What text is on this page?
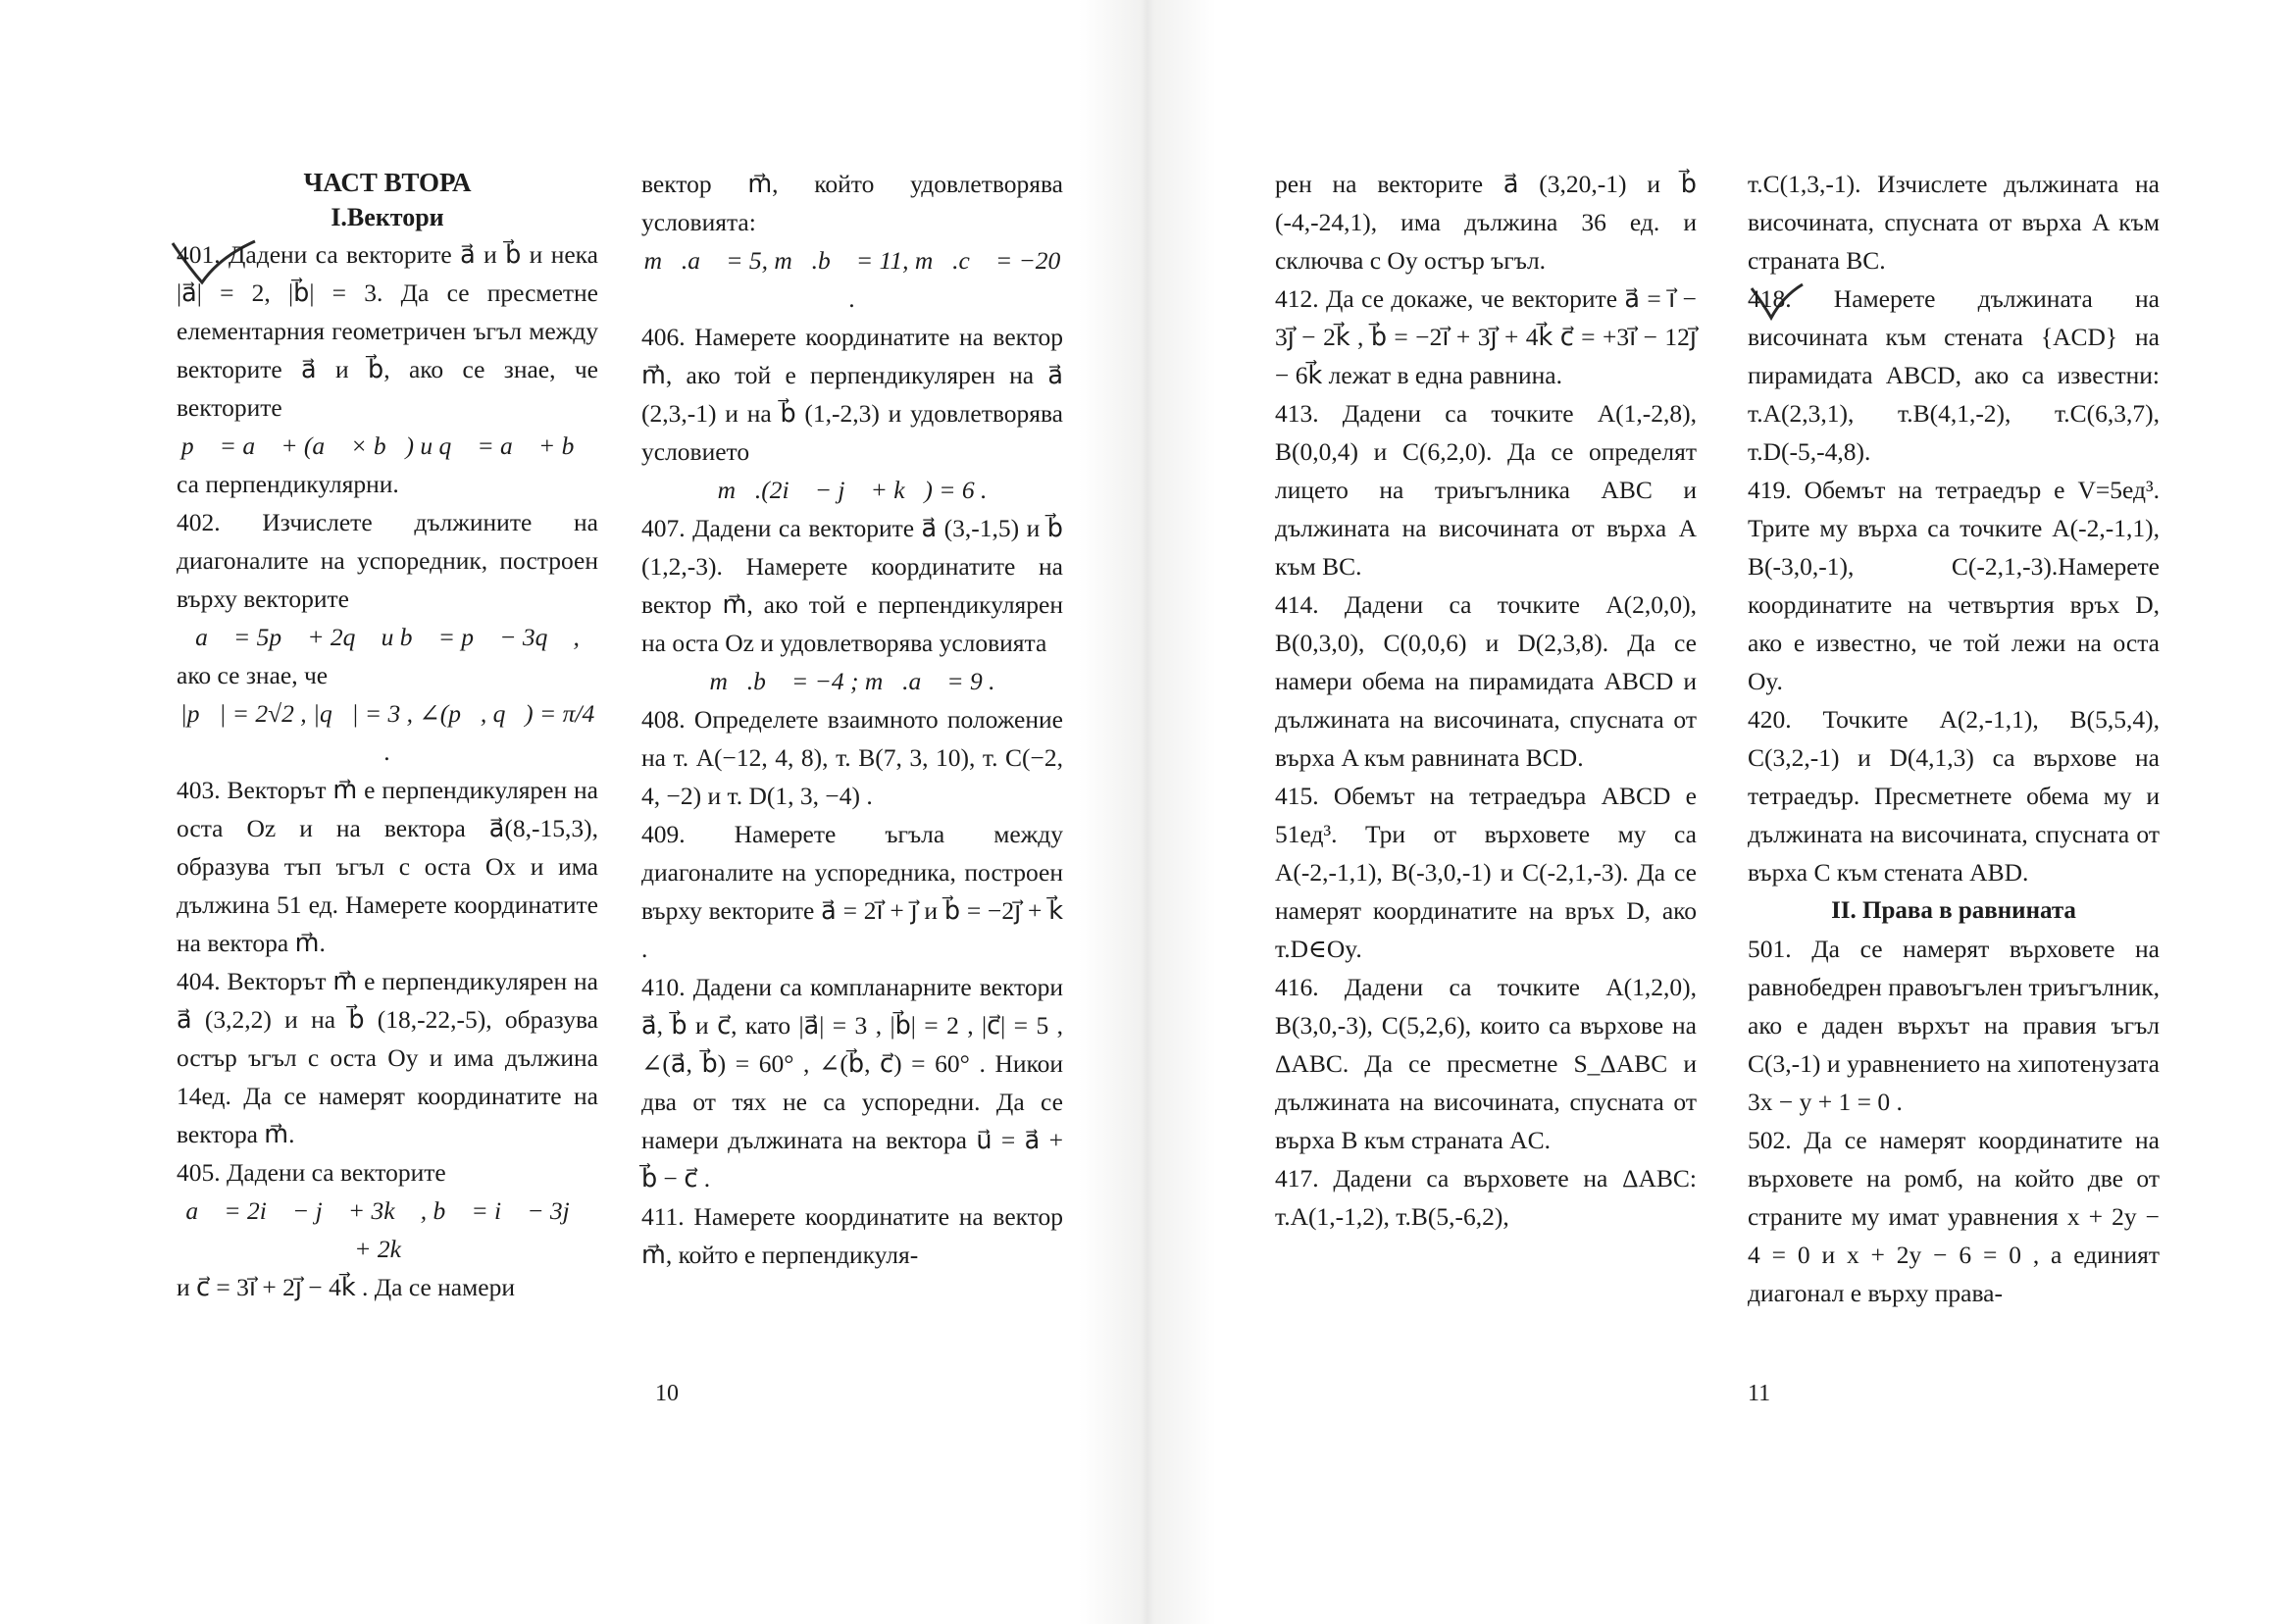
ЧАСТ ВТОРА

I.Вектори

401. Дадени са векторите a⃗ и b⃗ и нека |a⃗| = 2, |b⃗| = 3. Да се пресметне елементарния геометричен ъгъл между векторите a⃗ и b⃗, ако се знае, че векторите

p⃗ = a⃗ + (a⃗ × b⃗) и q⃗ = a⃗ + b⃗

са перпендикулярни.

402. Изчислете дължините на диагоналите на успоредник, построен върху векторите

a⃗ = 5p⃗ + 2q⃗ и b⃗ = p⃗ − 3q⃗ ,

ако се знае, че

|p⃗| = 2√2 , |q⃗| = 3 , ∠(p⃗, q⃗) = π/4 .

403. Векторът m⃗ е перпендикулярен на оста Oz и на вектора a⃗(8,-15,3), образува тъп ъгъл с оста Ox и има дължина 51 ед. Намерете координатите на вектора m⃗.

404. Векторът m⃗ е перпендикулярен на a⃗ (3,2,2) и на b⃗ (18,-22,-5), образува остър ъгъл с оста Oy и има дължина 14ед. Да се намерят координатите на вектора m⃗.

405. Дадени са векторите

a⃗ = 2i⃗ − j⃗ + 3k⃗ , b⃗ = i⃗ − 3j⃗ + 2k⃗

и c⃗ = 3i⃗ + 2j⃗ − 4k⃗ . Да се намери

вектор m⃗, който удовлетворява условията:

m⃗.a⃗ = 5, m⃗.b⃗ = 11, m⃗.c⃗ = −20 .

406. Намерете координатите на вектор m⃗, ако той е перпендикулярен на a⃗ (2,3,-1) и на b⃗ (1,-2,3) и удовлетворява условието

m⃗.(2i⃗ − j⃗ + k⃗) = 6 .

407. Дадени са векторите a⃗ (3,-1,5) и b⃗ (1,2,-3). Намерете координатите на вектор m⃗, ако той е перпендикулярен на оста Oz и удовлетворява условията

m⃗.b⃗ = −4 ; m⃗.a⃗ = 9 .

408. Определете взаимното положение на т. A(−12, 4, 8), т. B(7, 3, 10), т. C(−2, 4, −2) и т. D(1, 3, −4) .

409. Намерете ъгъла между диагоналите на успоредника, построен върху векторите a⃗ = 2i⃗ + j⃗ и b⃗ = −2j⃗ + k⃗ .

410. Дадени са компланарните вектори a⃗, b⃗ и c⃗, като |a⃗| = 3 , |b⃗| = 2 , |c⃗| = 5 , ∠(a⃗, b⃗) = 60° , ∠(b⃗, c⃗) = 60° . Никои два от тях не са успоредни. Да се намери дължината на вектора u⃗ = a⃗ + b⃗ − c⃗ .

411. Намерете координатите на вектор m⃗, който е перпендикуля-

10

рен на векторите a⃗ (3,20,-1) и b⃗ (-4,-24,1), има дължина 36 ед. и сключва с Oy остър ъгъл.

412. Да се докаже, че векторите a⃗ = i⃗ − 3j⃗ − 2k⃗ , b⃗ = −2i⃗ + 3j⃗ + 4k⃗ c⃗ = +3i⃗ − 12j⃗ − 6k⃗ лежат в една равнина.

413. Дадени са точките A(1,-2,8), B(0,0,4) и C(6,2,0). Да се определят лицето на триъгълника ABC и дължината на височината от върха A към BC.

414. Дадени са точките A(2,0,0), B(0,3,0), C(0,0,6) и D(2,3,8). Да се намери обема на пирамидата ABCD и дължината на височината, спусната от върха A към равнината BCD.

415. Обемът на тетраедъра ABCD е 51ед³. Три от върховете му са A(-2,-1,1), B(-3,0,-1) и C(-2,1,-3). Да се намерят координатите на връх D, ако т.D∈Oy.

416. Дадени са точките A(1,2,0), B(3,0,-3), C(5,2,6), които са върхове на ΔABC. Да се пресметне S_ΔABC и дължината на височината, спусната от върха B към страната AC.

417. Дадени са върховете на ΔABC: т.A(1,-1,2), т.B(5,-6,2),

т.C(1,3,-1). Изчислете дължината на височината, спусната от върха A към страната BC.

418. Намерете дължината на височината към стената {ACD} на пирамидата ABCD, ако са известни: т.A(2,3,1), т.B(4,1,-2), т.C(6,3,7), т.D(-5,-4,8).

419. Обемът на тетраедър е V=5ед³. Трите му върха са точките A(-2,-1,1), B(-3,0,-1), C(-2,1,-3).Намерете координатите на четвъртия връх D, ако е известно, че той лежи на оста Oy.

420. Точките A(2,-1,1), B(5,5,4), C(3,2,-1) и D(4,1,3) са върхове на тетраедър. Пресметнете обема му и дължината на височината, спусната от върха C към стената ABD.

II. Права в равнината

501. Да се намерят върховете на равнобедрен правоъгълен триъгълник, ако е даден върхът на правия ъгъл C(3,-1) и уравнението на хипотенузата 3x − y + 1 = 0 .

502. Да се намерят координатите на върховете на ромб, на който две от страните му имат уравнения x + 2y − 4 = 0 и x + 2y − 6 = 0 , а единият диагонал е върху права-

11
